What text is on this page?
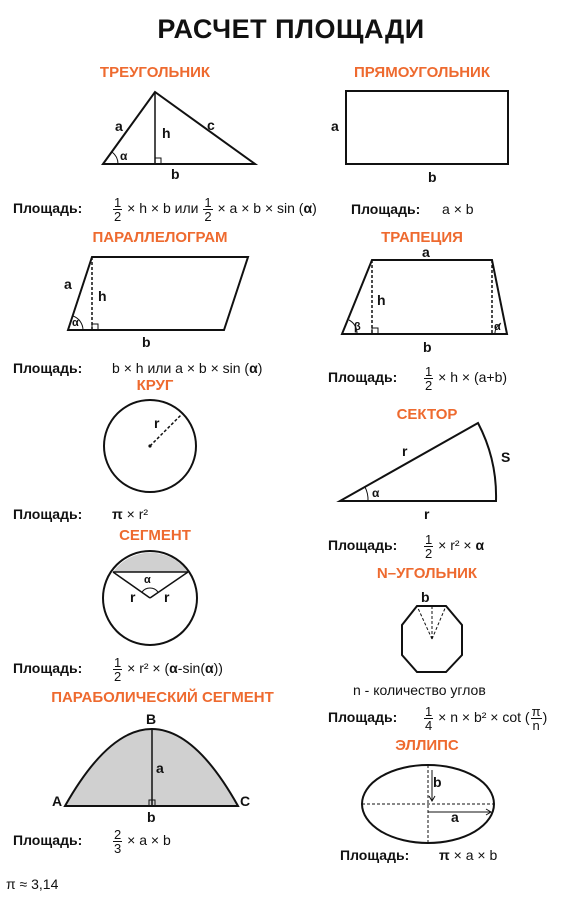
РАСЧЕТ ПЛОЩАДИ
ТРЕУГОЛЬНИК	ПРЯМОУГОЛЬНИК
ПАРАЛЛЕЛОГРАМ	ТРАПЕЦИЯ
КРУГ
СЕКТОР
СЕГМЕНТ
N–УГОЛЬНИК
ПАРАБОЛИЧЕСКИЙ СЕГМЕНТ
ЭЛЛИПС
a	h	c
b
α
a
b
a
h
b
α
a
h
b
β	α
r
r
r
S
α
α
r r	b
A
B
C
a
b
b
a
Площадь: $\frac{1}{2} \times h \times b$ или $\frac{1}{2} \times a \times b \times \sin (\alpha)$ Площадь: a × b
Площадь: b × h или a × b × sin (α)
Площадь: $\frac{1}{2} \times h \times (a+b)$
Площадь: π × r²
Площадь: $\frac{1}{2} \times r^2 \times \alpha$
Площадь: $\frac{1}{2} \times r^2 \times (\alpha-\sin(\alpha))$
n - количество углов
Площадь: $\frac{1}{4} \times n \times b^2 \times \cot$ ( $\frac{\pi}{n}$ )
Площадь: $\frac{2}{3} \times a \times b$
Площадь: π × a × b
π ≈ 3,14
